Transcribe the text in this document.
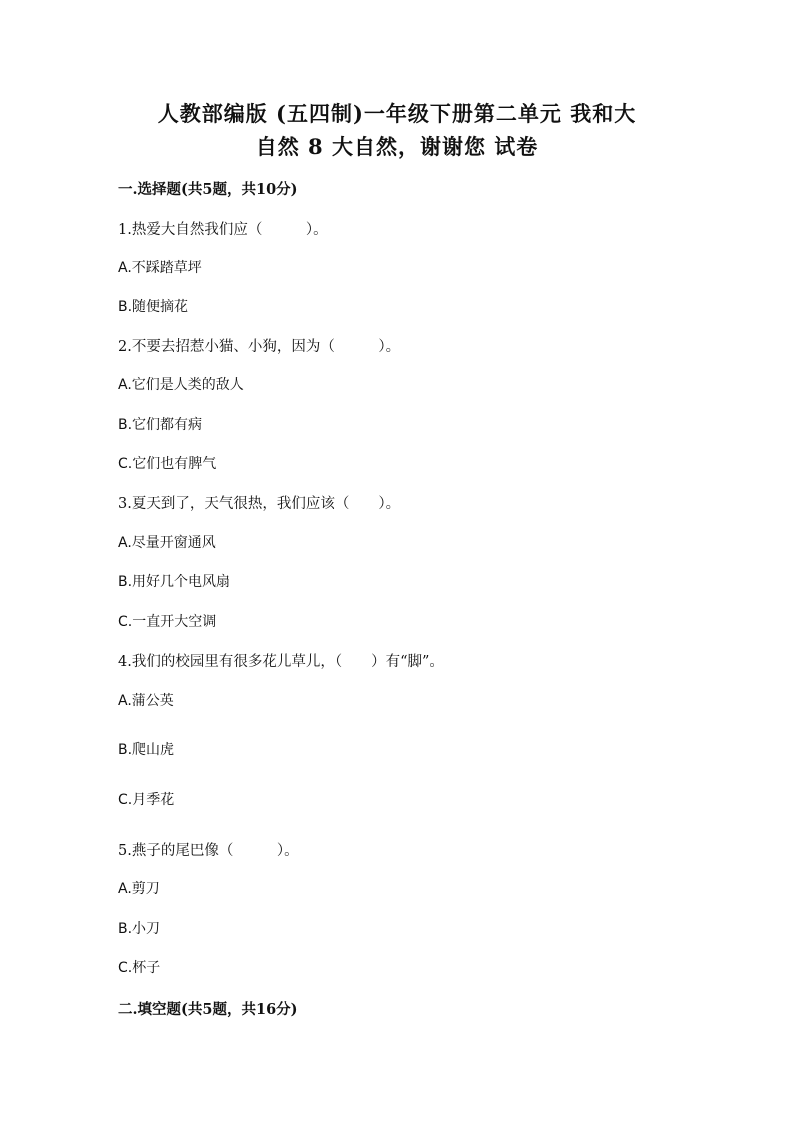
人教部编版 (五四制)一年级下册第二单元 我和大
自然 8 大自然，谢谢您 试卷
一.选择题(共5题，共10分)
1.热爱大自然我们应（　　　）。
A.不踩踏草坪
B.随便摘花
2.不要去招惹小猫、小狗，因为（　　　）。
A.它们是人类的敌人
B.它们都有病
C.它们也有脾气
3.夏天到了，天气很热，我们应该（　　）。
A.尽量开窗通风
B.用好几个电风扇
C.一直开大空调
4.我们的校园里有很多花儿草儿，（　　）有“脚”。
A.蒲公英
B.爬山虎
C.月季花
5.燕子的尾巴像（　　　）。
A.剪刀
B.小刀
C.杯子
二.填空题(共5题，共16分)
